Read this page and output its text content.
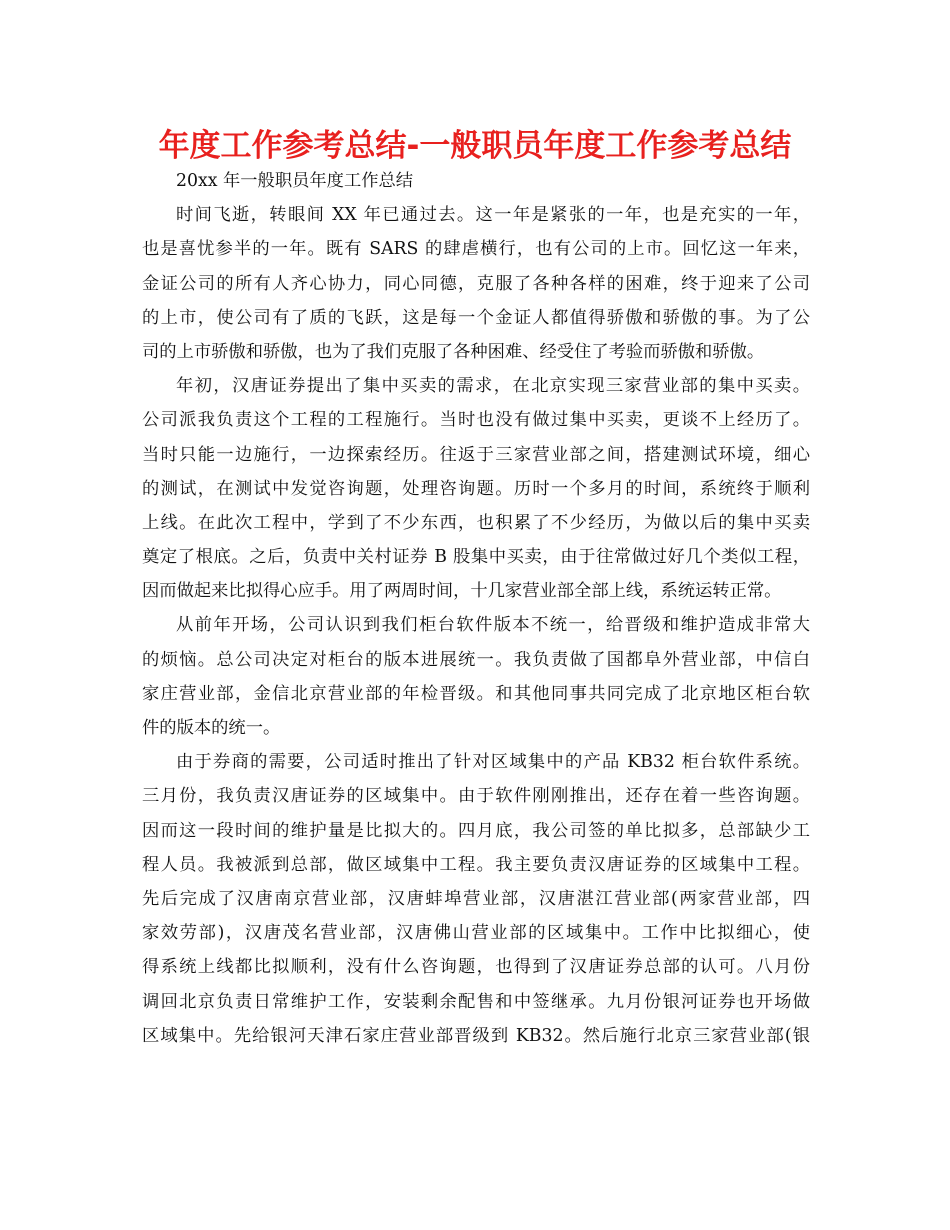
年度工作参考总结-一般职员年度工作参考总结
20xx 年一般职员年度工作总结
时间飞逝，转眼间 XX 年已通过去。这一年是紧张的一年，也是充实的一年，
也是喜忧参半的一年。既有 SARS 的肆虐横行，也有公司的上市。回忆这一年来，
金证公司的所有人齐心协力，同心同德，克服了各种各样的困难，终于迎来了公司
的上市，使公司有了质的飞跃，这是每一个金证人都值得骄傲和骄傲的事。为了公
司的上市骄傲和骄傲，也为了我们克服了各种困难、经受住了考验而骄傲和骄傲。
年初，汉唐证券提出了集中买卖的需求，在北京实现三家营业部的集中买卖。
公司派我负责这个工程的工程施行。当时也没有做过集中买卖，更谈不上经历了。
当时只能一边施行，一边探索经历。往返于三家营业部之间，搭建测试环境，细心
的测试，在测试中发觉咨询题，处理咨询题。历时一个多月的时间，系统终于顺利
上线。在此次工程中，学到了不少东西，也积累了不少经历，为做以后的集中买卖
奠定了根底。之后，负责中关村证券 B 股集中买卖，由于往常做过好几个类似工程，
因而做起来比拟得心应手。用了两周时间，十几家营业部全部上线，系统运转正常。
从前年开场，公司认识到我们柜台软件版本不统一，给晋级和维护造成非常大
的烦恼。总公司决定对柜台的版本进展统一。我负责做了国都阜外营业部，中信白
家庄营业部，金信北京营业部的年检晋级。和其他同事共同完成了北京地区柜台软
件的版本的统一。
由于券商的需要，公司适时推出了针对区域集中的产品 KB32 柜台软件系统。
三月份，我负责汉唐证券的区域集中。由于软件刚刚推出，还存在着一些咨询题。
因而这一段时间的维护量是比拟大的。四月底，我公司签的单比拟多，总部缺少工
程人员。我被派到总部，做区域集中工程。我主要负责汉唐证券的区域集中工程。
先后完成了汉唐南京营业部，汉唐蚌埠营业部，汉唐湛江营业部(两家营业部，四
家效劳部)，汉唐茂名营业部，汉唐佛山营业部的区域集中。工作中比拟细心，使
得系统上线都比拟顺利，没有什么咨询题，也得到了汉唐证券总部的认可。八月份
调回北京负责日常维护工作，安装剩余配售和中签继承。九月份银河证券也开场做
区域集中。先给银河天津石家庄营业部晋级到 KB32。然后施行北京三家营业部(银
